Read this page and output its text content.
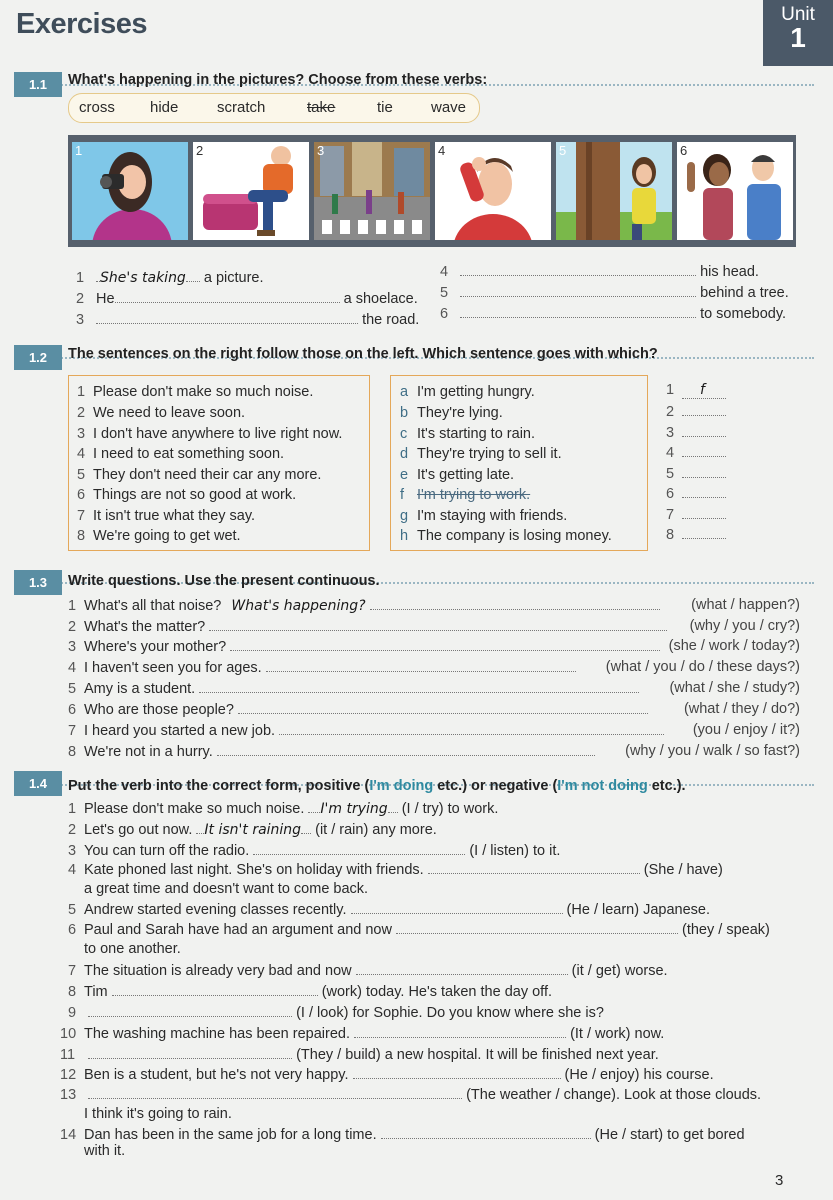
Exercises	Unit
1
1.1	What's happening in the pictures? Choose from these verbs:
cross hide	scratch	take	tie	wave
1	2	3	4	5	6
1 She's taking a picture.
2 He	a shoelace.
3	the road.
4	his head.
5	behind a tree.
6	to somebody.
1.2	The sentences on the right follow those on the left. Which sentence goes with which?
1 Please don't make so much noise.
2 We need to leave soon.
3 I don't have anywhere to live right now.
4 I need to eat something soon.
5 They don't need their car any more.
6 Things are not so good at work.
7 It isn't true what they say.
8 We're going to get wet.
a I'm getting hungry.
b They're lying.
c It's starting to rain.
d They're trying to sell it.
e It's getting late.
f I'm trying to work.
g I'm staying with friends.
h The company is losing money.
1 f
2
3
4
5
6
7
8
1.3	Write questions. Use the present continuous.
1 What's all that noise? What's happening?	(what / happen?)
2 What's the matter?	(why / you / cry?)
3 Where's your mother?	(she / work / today?)
4 I haven't seen you for ages.	(what / you / do / these days?)
5 Amy is a student.	(what / she / study?)
6 Who are those people?	(what / they / do?)
7 I heard you started a new job.	(you / enjoy / it?)
8 We're not in a hurry.	(why / you / walk / so fast?)
1.4	Put the verb into the correct form, positive (I'm doing etc.) or negative (I'm not doing etc.).
1 Please don't make so much noise. I'm trying (I / try) to work.
2 Let's go out now. It isn't raining (it / rain) any more.
3 You can turn off the radio.	(I / listen) to it.
4 Kate phoned last night. She's on holiday with friends.	(She / have)
a great time and doesn't want to come back.
5 Andrew started evening classes recently.	(He / learn) Japanese.
6 Paul and Sarah have had an argument and now	(they / speak)
to one another.
7 The situation is already very bad and now	(it / get) worse.
8 Tim	(work) today. He's taken the day off.
9	(I / look) for Sophie. Do you know where she is?
10 The washing machine has been repaired.	(It / work) now.
11	(They / build) a new hospital. It will be finished next year.
12 Ben is a student, but he's not very happy.	(He / enjoy) his course.
13	(The weather / change). Look at those clouds.
I think it's going to rain.
14 Dan has been in the same job for a long time.	(He / start) to get bored
with it.
3
